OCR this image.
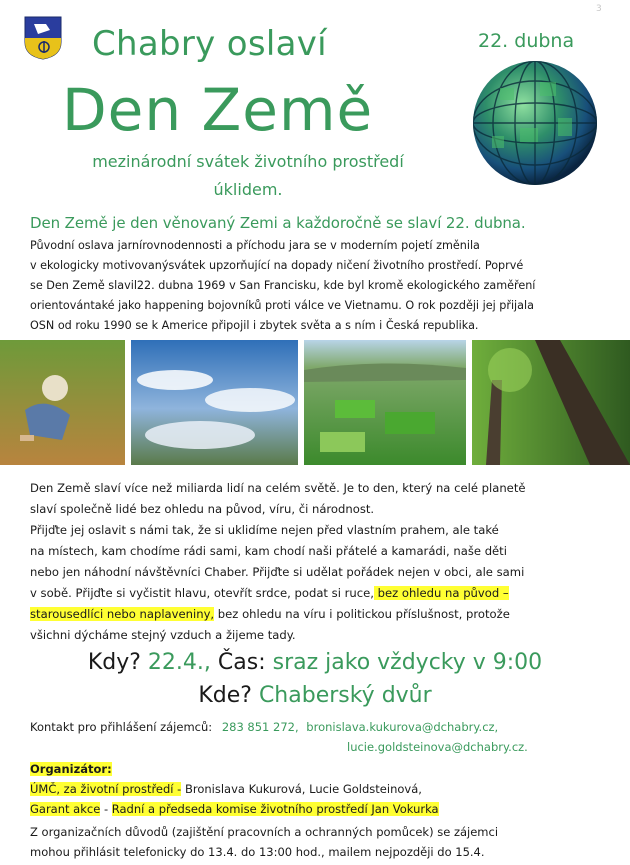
3
Chabry oslaví	22. dubna
Den Země
mezinárodní svátek životního prostředí
úklidem.
Den Země je den věnovaný Zemi a každoročně se slaví 22. dubna.
Původní oslava jarnírovnodennosti a příchodu jara se v moderním pojetí změnila
v ekologicky motivovanýsvátek upzorňující na dopady ničení životního prostředí. Poprvé
se Den Země slavil22. dubna 1969 v San Francisku, kde byl kromě ekologického zaměření
orientovántaké jako happening bojovníků proti válce ve Vietnamu. O rok později jej přijala
OSN od roku 1990 se k Americe připojil i zbytek světa a s ním i Česká republika.
Den Země slaví více než miliarda lidí na celém světě. Je to den, který na celé planetě
slaví společně lidé bez ohledu na původ, víru, či národnost.
Přijďte jej oslavit s námi tak, že si uklidíme nejen před vlastním prahem, ale také
na místech, kam chodíme rádi sami, kam chodí naši přátelé a kamarádi, naše děti
nebo jen náhodní návštěvníci Chaber. Přijďte si udělat pořádek nejen v obci, ale sami
v sobě. Přijďte si vyčistit hlavu, otevřít srdce, podat si ruce, bez ohledu na původ –
starousedlíci nebo naplaveniny, bez ohledu na víru i politickou příslušnost, protože
všichni dýcháme stejný vzduch a žijeme tady.
Kdy? 22.4., Čas: sraz jako vždycky v 9:00
Kde? Chaberský dvůr
Kontakt pro přihlášení zájemců: 283 851 272, bronislava.kukurova@dchabry.cz,
lucie.goldsteinova@dchabry.cz.
Organizátor:
ÚMČ, za životní prostředí - Bronislava Kukurová, Lucie Goldsteinová,
Garant akce - Radní a předseda komise životního prostředí Jan Vokurka
Z organizačních důvodů (zajištění pracovních a ochranných pomůcek) se zájemci
mohou přihlásit telefonicky do 13.4. do 13:00 hod., mailem nejpozději do 15.4.
